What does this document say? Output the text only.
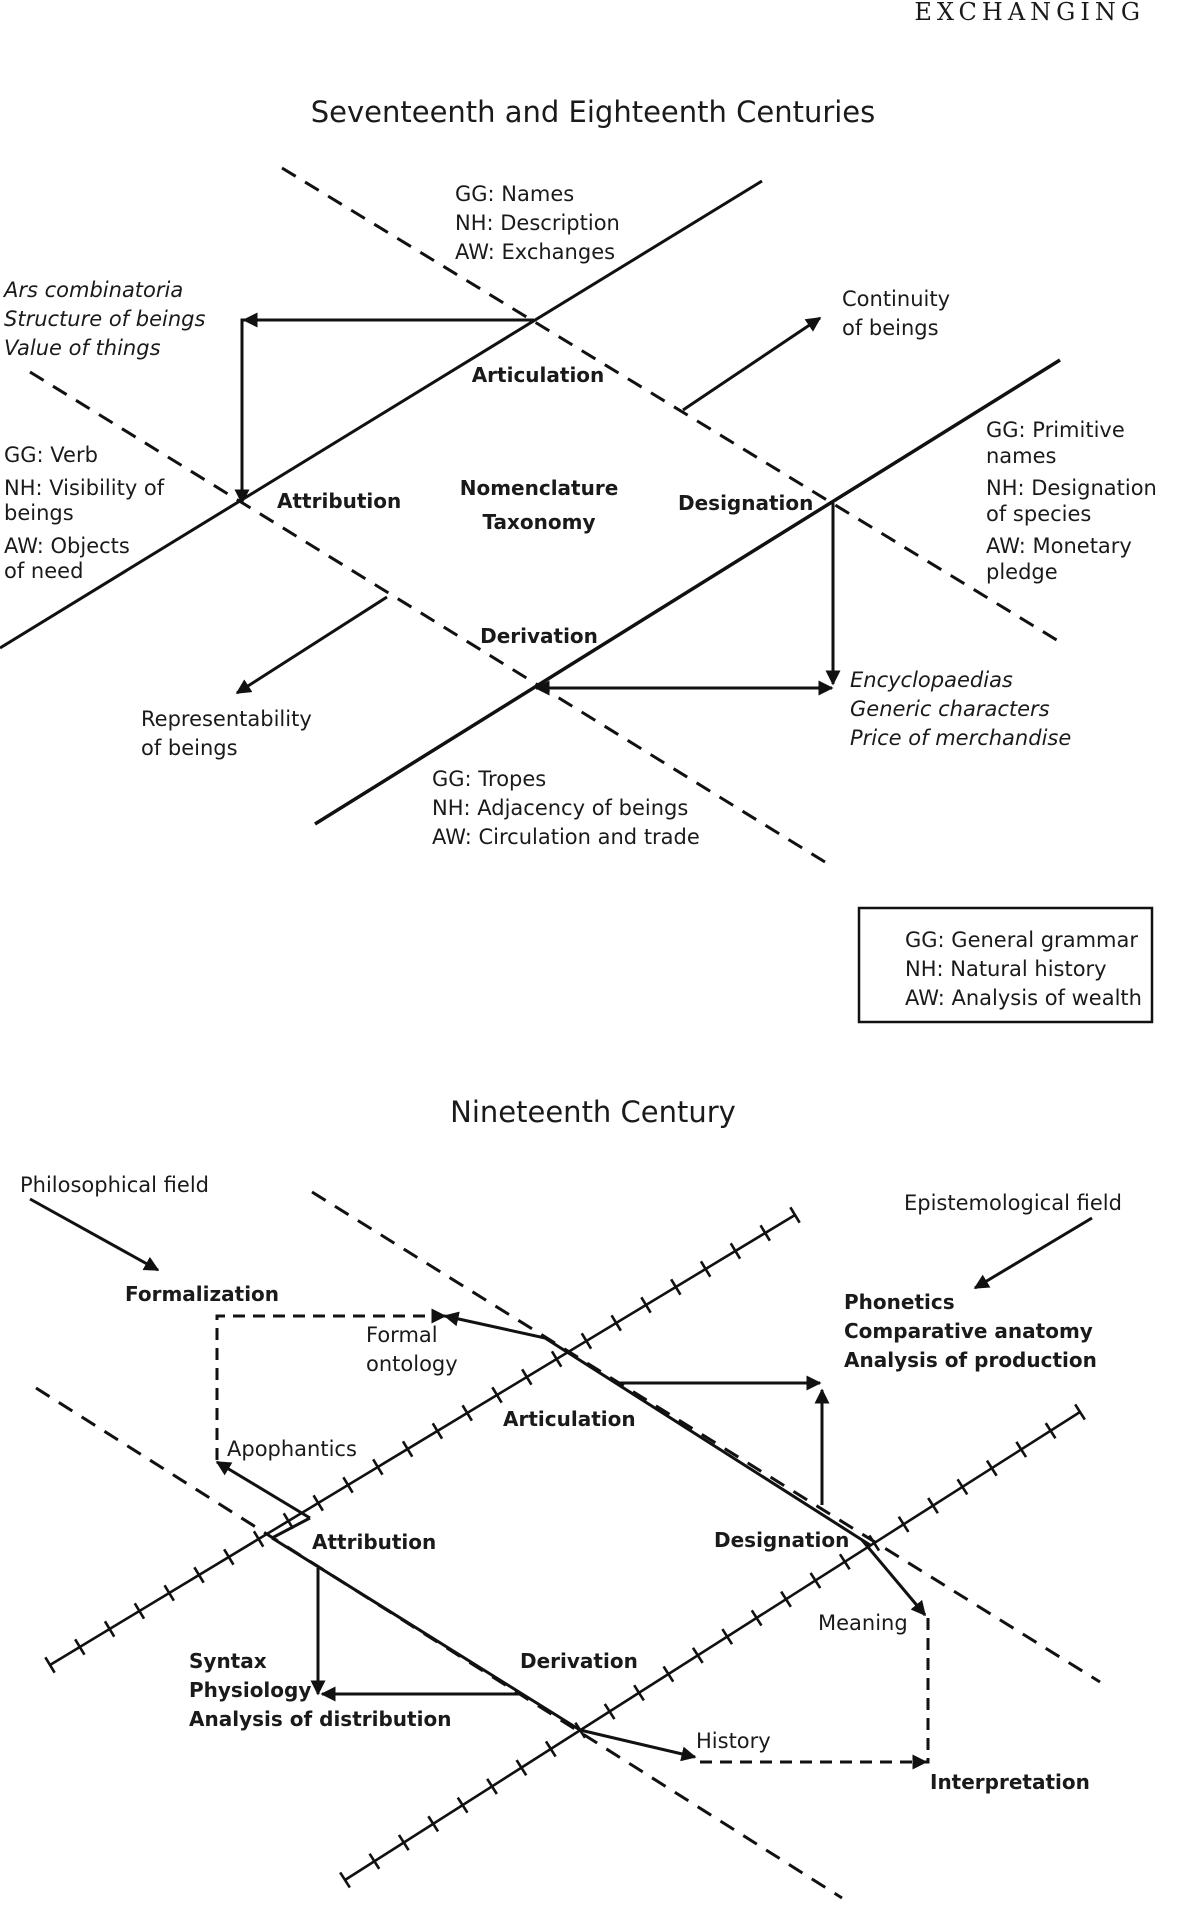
EXCHANGING
Seventeenth and Eighteenth Centuries
GG: Names
NH: Description
AW: Exchanges
Ars combinatoria
Structure of beings
Value of things
Continuity
of beings
Articulation
GG: Verb
NH: Visibility of
beings
AW: Objects
of need
Attribution
Nomenclature
Taxonomy
Designation
GG: Primitive
names
NH: Designation
of species
AW: Monetary
pledge
Derivation
Encyclopaedias
Generic characters
Price of merchandise
Representability
of beings
GG: Tropes
NH: Adjacency of beings
AW: Circulation and trade
GG: General grammar
NH: Natural history
AW: Analysis of wealth
Nineteenth Century
Philosophical field
Epistemological field
Formalization
Formal
ontology
Phonetics
Comparative anatomy
Analysis of production
Articulation
Apophantics
Attribution	Designation
Meaning
Syntax
Physiology
Analysis of distribution
Derivation
History
Interpretation
